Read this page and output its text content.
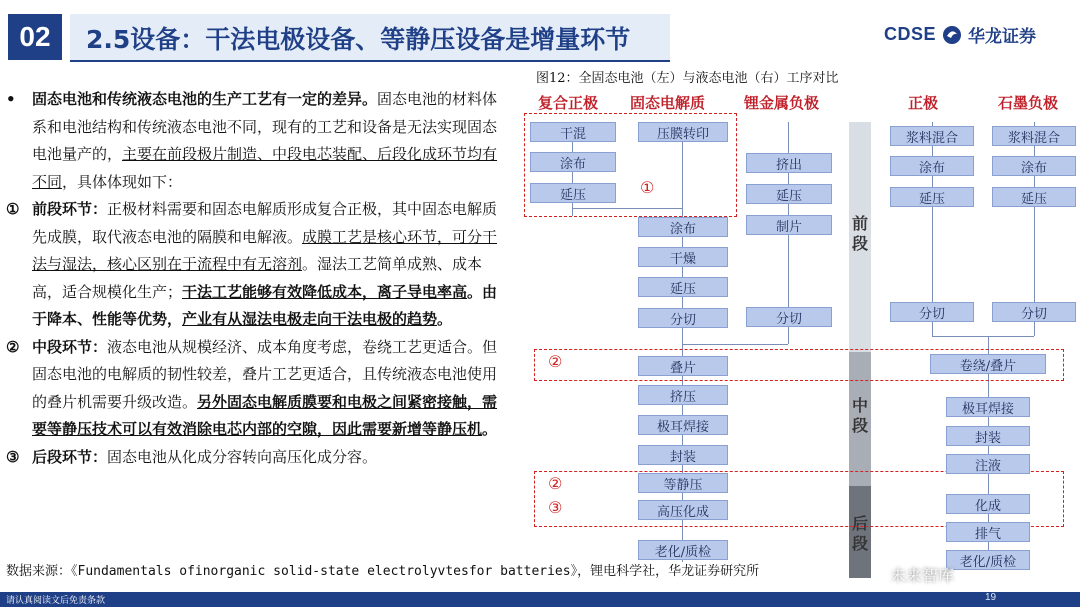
02	2.5设备：干法电极设备、等静压设备是增量环节	CDSE 华龙证券
• 固态电池和传统液态电池的生产工艺有一定的差异。固态电池的材料体系和电池结构和传统液态电池不同，现有的工艺和设备是无法实现固态电池量产的，主要在前段极片制造、中段电芯装配、后段化成环节均有不同，具体体现如下：
① 前段环节：正极材料需要和固态电解质形成复合正极，其中固态电解质先成膜，取代液态电池的隔膜和电解液。成膜工艺是核心环节，可分干法与湿法，核心区别在于流程中有无溶剂。湿法工艺简单成熟、成本高，适合规模化生产；干法工艺能够有效降低成本，离子导电率高。由于降本、性能等优势，产业有从湿法电极走向干法电极的趋势。
② 中段环节：液态电池从规模经济、成本角度考虑，卷绕工艺更适合。但固态电池的电解质的韧性较差，叠片工艺更适合，且传统液态电池使用的叠片机需要升级改造。另外固态电解质膜要和电极之间紧密接触，需要等静压技术可以有效消除电芯内部的空隙，因此需要新增等静压机。
③ 后段环节：固态电池从化成分容转向高压化成分容。
图12：全固态电池（左）与液态电池（右）工序对比
复合正极 固态电解质	锂金属负极	正极	石墨负极
前段
中段
后段
①
②
②
③
干混
涂布
延压
压膜转印
挤出
延压
制片
分切
涂布
干燥
延压
分切
叠片
挤压
极耳焊接
封装
等静压
高压化成
老化/质检
浆料混合
涂布
延压
分切
浆料混合
涂布
延压
分切
卷绕/叠片
极耳焊接
封装
注液
化成
排气
老化/质检
数据来源：《Fundamentals ofinorganic solid-state electrolyvtesfor batteries》，锂电科学社，华龙证券研究所	未来智库
请认真阅读文后免责条款	19
